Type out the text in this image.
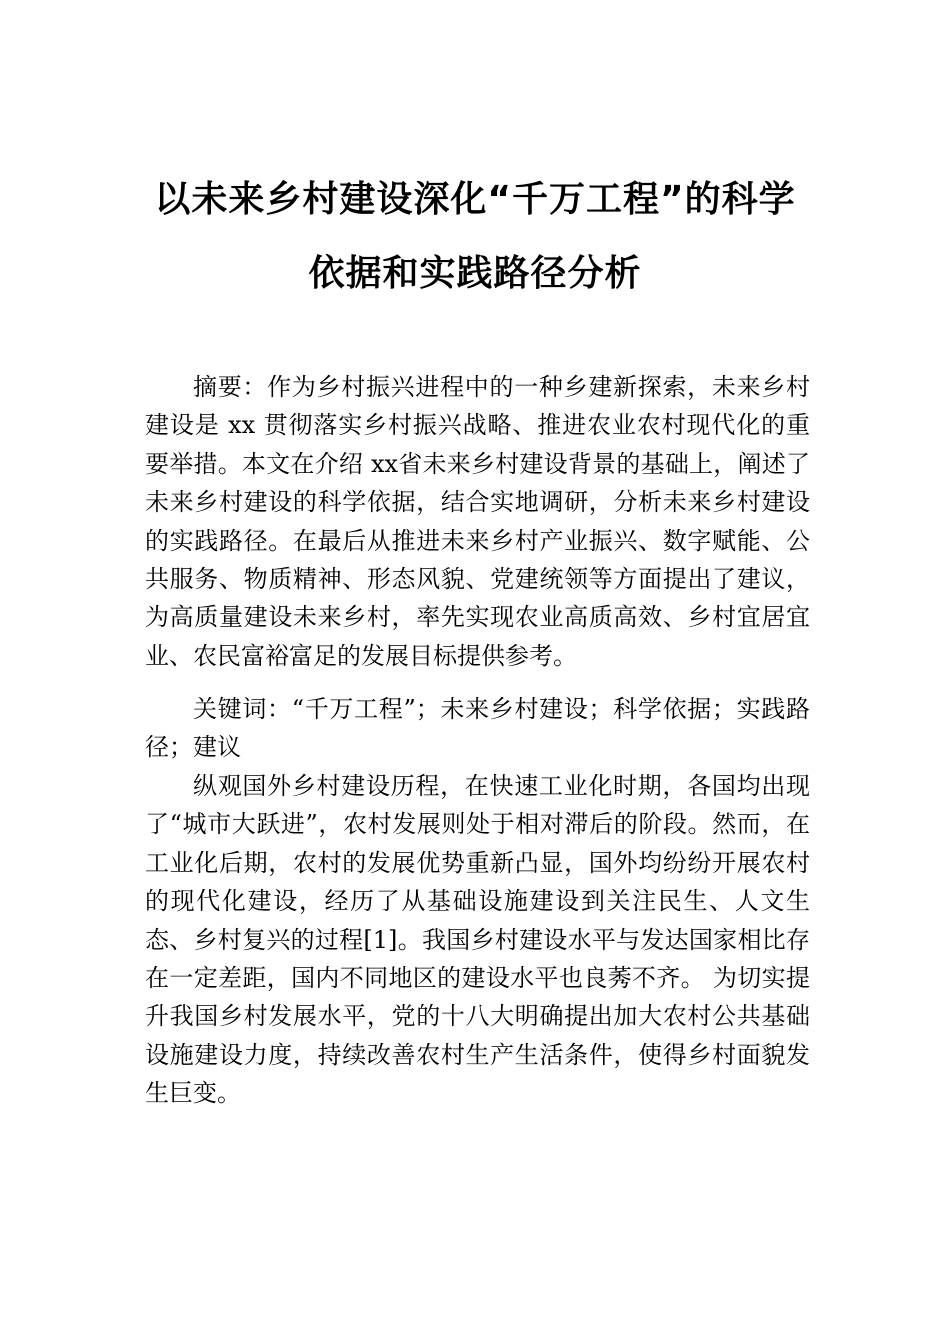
以未来乡村建设深化“千万工程”的科学
依据和实践路径分析

摘要：作为乡村振兴进程中的一种乡建新探索，未来乡村建设是 xx 贯彻落实乡村振兴战略、推进农业农村现代化的重要举措。本文在介绍 xx省未来乡村建设背景的基础上，阐述了未来乡村建设的科学依据，结合实地调研，分析未来乡村建设的实践路径。在最后从推进未来乡村产业振兴、数字赋能、公共服务、物质精神、形态风貌、党建统领等方面提出了建议，为高质量建设未来乡村，率先实现农业高质高效、乡村宜居宜业、农民富裕富足的发展目标提供参考。

关键词：“千万工程”；未来乡村建设；科学依据；实践路径；建议

纵观国外乡村建设历程，在快速工业化时期，各国均出现了“城市大跃进”，农村发展则处于相对滞后的阶段。然而，在工业化后期，农村的发展优势重新凸显，国外均纷纷开展农村的现代化建设，经历了从基础设施建设到关注民生、人文生态、乡村复兴的过程[1]。我国乡村建设水平与发达国家相比存在一定差距，国内不同地区的建设水平也良莠不齐。 为切实提升我国乡村发展水平，党的十八大明确提出加大农村公共基础设施建设力度，持续改善农村生产生活条件，使得乡村面貌发生巨变。
